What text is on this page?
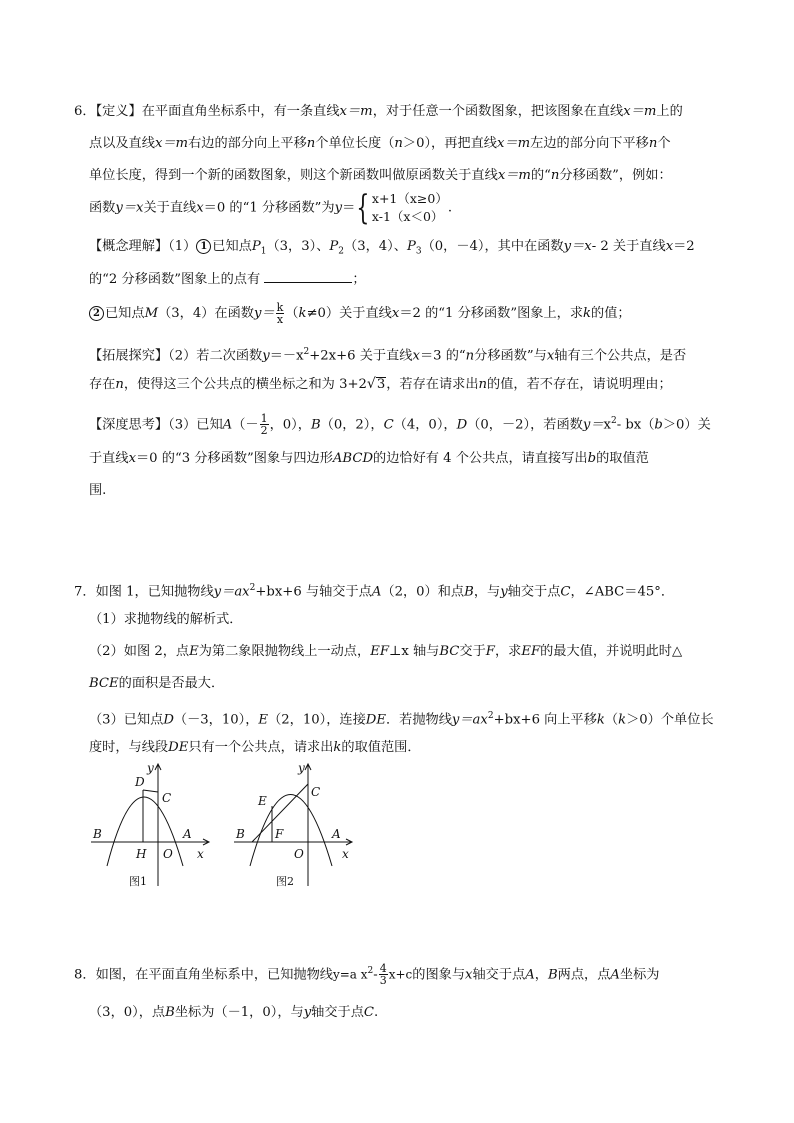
6．【定义】在平面直角坐标系中，有一条直线x＝m，对于任意一个函数图象，把该图象在直线x＝m上的
点以及直线x＝m右边的部分向上平移n个单位长度（n＞0），再把直线x＝m左边的部分向下平移n个
单位长度，得到一个新的函数图象，则这个新函数叫做原函数关于直线x＝m的“n分移函数”，例如：
函数y＝x关于直线x＝0 的“1 分移函数”为y＝{ x+1（x≥0）
x-1（x＜0）
.
【概念理解】（1） 1 已知点$P_1(3$，3）、$P_2(3$，4）、$P_3(0$，－4），其中在函数y＝x- 2 关于直线x＝2
的“2 分移函数”图象上的点有	；
2 已知点M（3，4）在函数$y= \frac{k}{x} (k\ne 0)$关于直线x＝2 的“1 分移函数”图象上，求k的值；
【拓展探究】（2）若二次函数$y=-x^2+2x+6$ 关于直线x＝3 的“n分移函数”与x轴有三个公共点，是否
存在n，使得这三个公共点的横坐标之和为 3+2√3，若存在请求出n的值，若不存在，请说明理由；
【深度思考】（3）已知$A(- \frac{1}{2}$ ，0），B（0，2），C（4，0），D（0，－2），若函数$y=x^2-$ bx（b＞0）关
于直线x＝0 的“3 分移函数”图象与四边形ABCD的边恰好有 4 个公共点，请直接写出b的取值范
围.
7．如图 1，已知抛物线$y=ax^2+bx+6$ 与轴交于点A（2，0）和点B，与y轴交于点C，∠ABC＝45°．
（1）求抛物线的解析式．
（2）如图 2，点E为第二象限抛物线上一动点，EF⊥x 轴与BC交于F，求EF的最大值，并说明此时△
BCE的面积是否最大．
（3）已知点D（－3，10），E（2，10），连接DE．若抛物线$y=ax^2+bx+6$ 向上平移k（k＞0）个单位长
度时，与线段DE只有一个公共点，请求出k的取值范围．
y
D
C
B	A
H O x
图1
y
E
C
F
B	A
O	x
图2
8．如图，在平面直角坐标系中，已知抛物线y=a $x^2- \frac{4}{3} x+c$的图象与x轴交于点A，B两点，点A坐标为
（3，0），点B坐标为（－1，0），与y轴交于点C.
